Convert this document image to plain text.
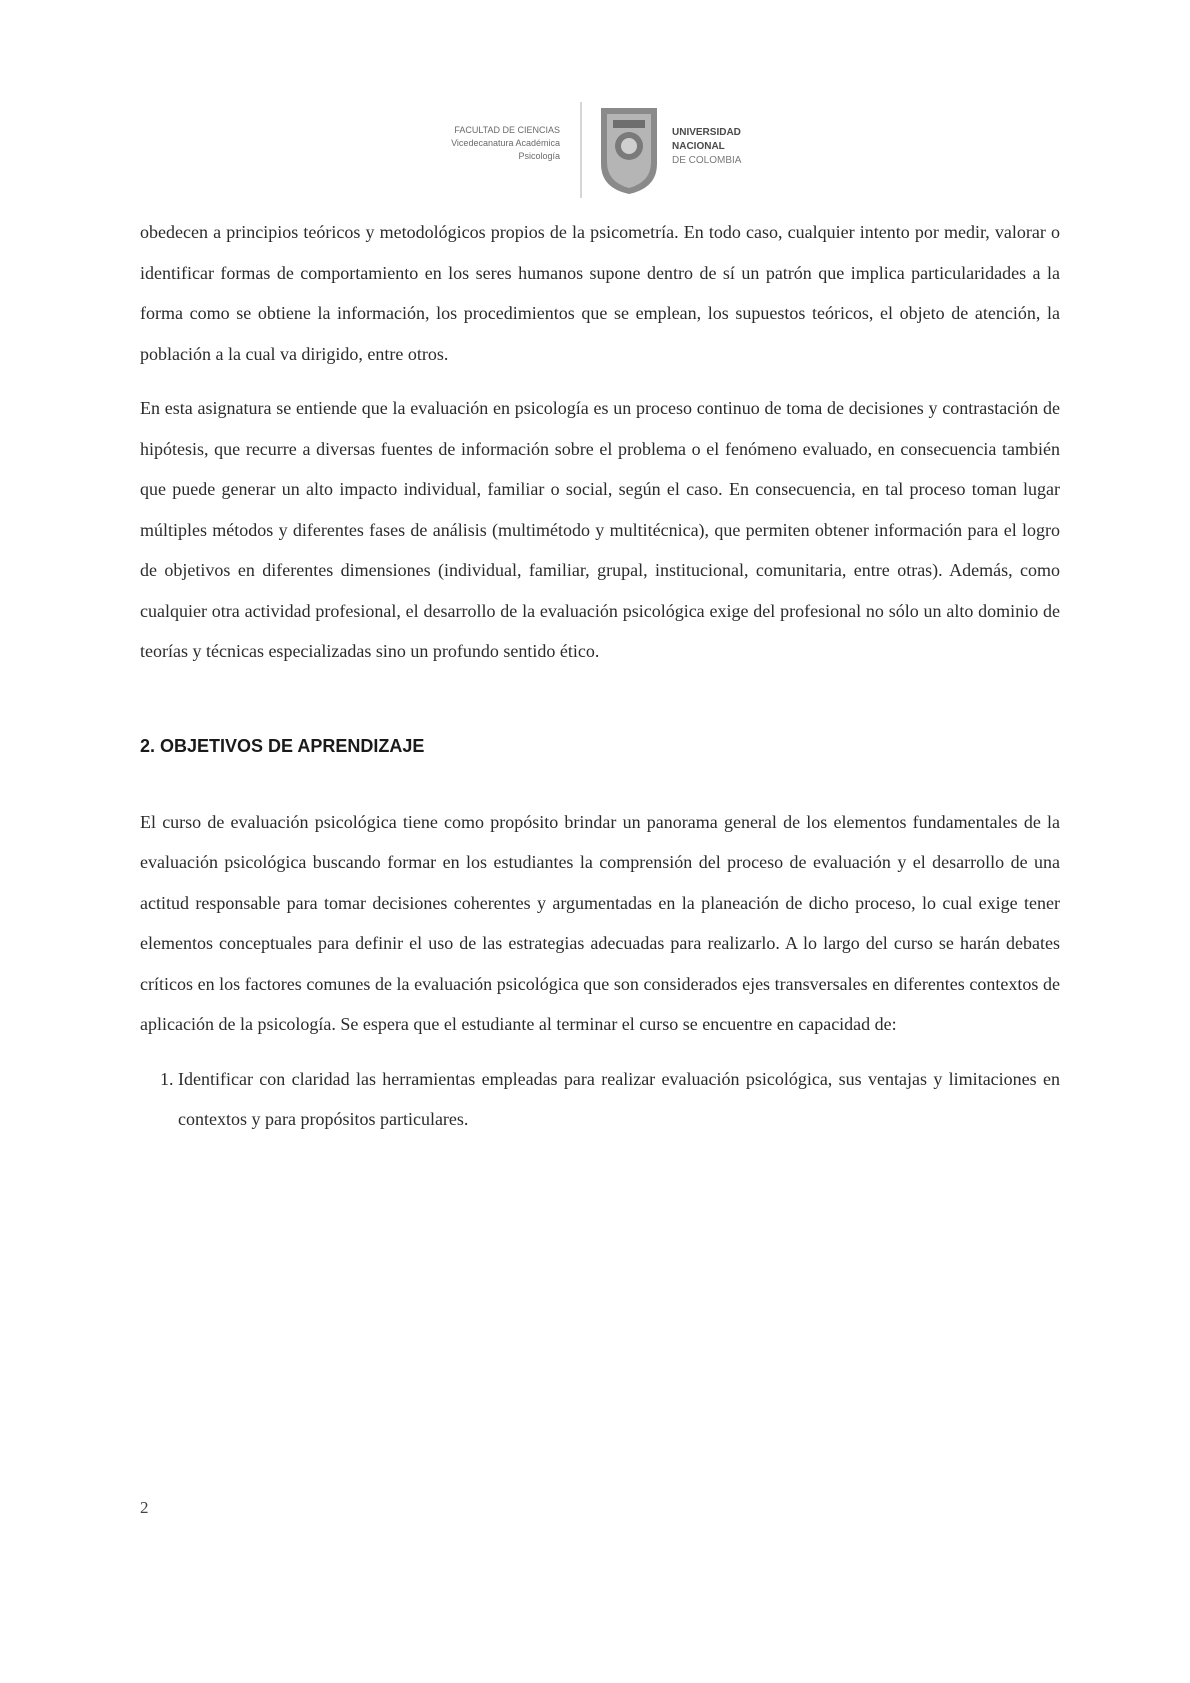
FACULTAD DE CIENCIAS
Vicedecanatura Académica
Psicología
UNIVERSIDAD
NACIONAL
DE COLOMBIA

obedecen a principios teóricos y metodológicos propios de la psicometría. En todo caso, cualquier intento por medir, valorar o identificar formas de comportamiento en los seres humanos supone dentro de sí un patrón que implica particularidades a la forma como se obtiene la información, los procedimientos que se emplean, los supuestos teóricos, el objeto de atención, la población a la cual va dirigido, entre otros.

En esta asignatura se entiende que la evaluación en psicología es un proceso continuo de toma de decisiones y contrastación de hipótesis, que recurre a diversas fuentes de información sobre el problema o el fenómeno evaluado, en consecuencia también que puede generar un alto impacto individual, familiar o social, según el caso. En consecuencia, en tal proceso toman lugar múltiples métodos y diferentes fases de análisis (multimétodo y multitécnica), que permiten obtener información para el logro de objetivos en diferentes dimensiones (individual, familiar, grupal, institucional, comunitaria, entre otras). Además, como cualquier otra actividad profesional, el desarrollo de la evaluación psicológica exige del profesional no sólo un alto dominio de teorías y técnicas especializadas sino un profundo sentido ético.

2. OBJETIVOS DE APRENDIZAJE

El curso de evaluación psicológica tiene como propósito brindar un panorama general de los elementos fundamentales de la evaluación psicológica buscando formar en los estudiantes la comprensión del proceso de evaluación y el desarrollo de una actitud responsable para tomar decisiones coherentes y argumentadas en la planeación de dicho proceso, lo cual exige tener elementos conceptuales para definir el uso de las estrategias adecuadas para realizarlo. A lo largo del curso se harán debates críticos en los factores comunes de la evaluación psicológica que son considerados ejes transversales en diferentes contextos de aplicación de la psicología. Se espera que el estudiante al terminar el curso se encuentre en capacidad de:

1. Identificar con claridad las herramientas empleadas para realizar evaluación psicológica, sus ventajas y limitaciones en contextos y para propósitos particulares.
2
